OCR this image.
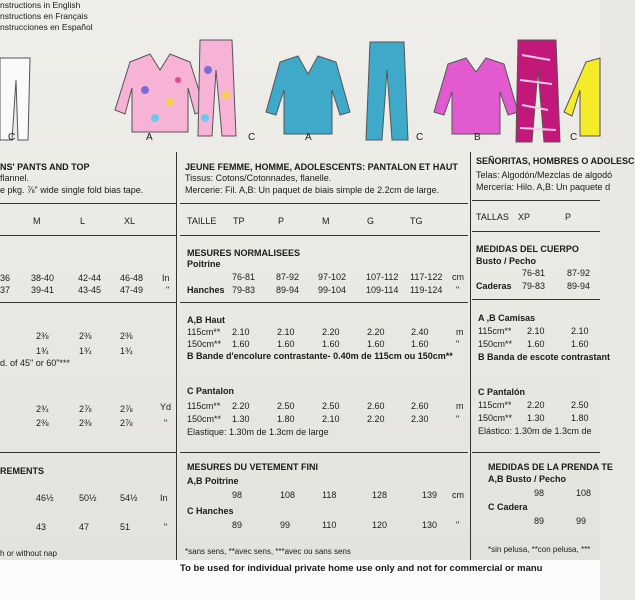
nstructions in English
nstructions en Français
nstrucciones en Español
C	A	C	A	C	B	C
NS' PANTS AND TOP
flannel.
e pkg. ⅞" wide single fold bias tape.
M	L	XL
36 38-40	42-44 46-48 In
37 39-41	43-45 47-49	"
2⅜	2⅜	2⅜
1¾	1¾	1¾
d. of 45" or 60"***
Yd
2¾	2⅞	2⅞
2⅜	2⅜	2⅞	"
REMENTS
46½	50½	54½ In
43	47	51	"
h or without nap
JEUNE FEMME, HOMME, ADOLESCENTS: PANTALON ET HAUT
Tissus: Cotons/Cotonnades, flanelle.
Mercerie: Fil. A,B: Un paquet de biais simple de 2.2cm de large.
TAILLE TP	P	M	G	TG
MESURES NORMALISEES
Poitrine
76-81 87-92 97-102 107-112 117-122 cm
Hanches 79-83 89-94 99-104 109-114 119-124 "
A,B Haut
115cm** 2.10	2.10	2.20	2.20	2.40	m
150cm** 1.60	1.60	1.60	1.60	1.60	"
B Bande d'encolure contrastante- 0.40m de 115cm ou 150cm**
C Pantalon
115cm** 2.20	2.50	2.50	2.60	2.60	m
150cm** 1.30	1.80	2.10	2.20	2.30	"
Elastique: 1.30m de 1.3cm de large
MESURES DU VETEMENT FINI
A,B Poitrine
98	108	118	128	139 cm
C Hanches
89	99	110	120	130 "
*sans sens, **avec sens, ***avec ou sans sens
SEÑORITAS, HOMBRES O ADOLESC
Telas: Algodón/Mezclas de algodó
Mercería: Hilo. A,B: Un paquete d
TALLAS XP	P
MEDIDAS DEL CUERPO
Busto / Pecho
76-81 87-92
Caderas 79-83 89-94
A ,B Camisas
115cm** 2.10	2.10
150cm** 1.60	1.60
B Banda de escote contrastant
C Pantalón
115cm** 2.20	2.50
150cm** 1.30	1.80
Elástico: 1.30m de 1.3cm de
MEDIDAS DE LA PRENDA TE
A,B Busto / Pecho
98	108
C Cadera
89	99
*sin pelusa, **con pelusa, ***
To be used for individual private home use only and not for commercial or manu
